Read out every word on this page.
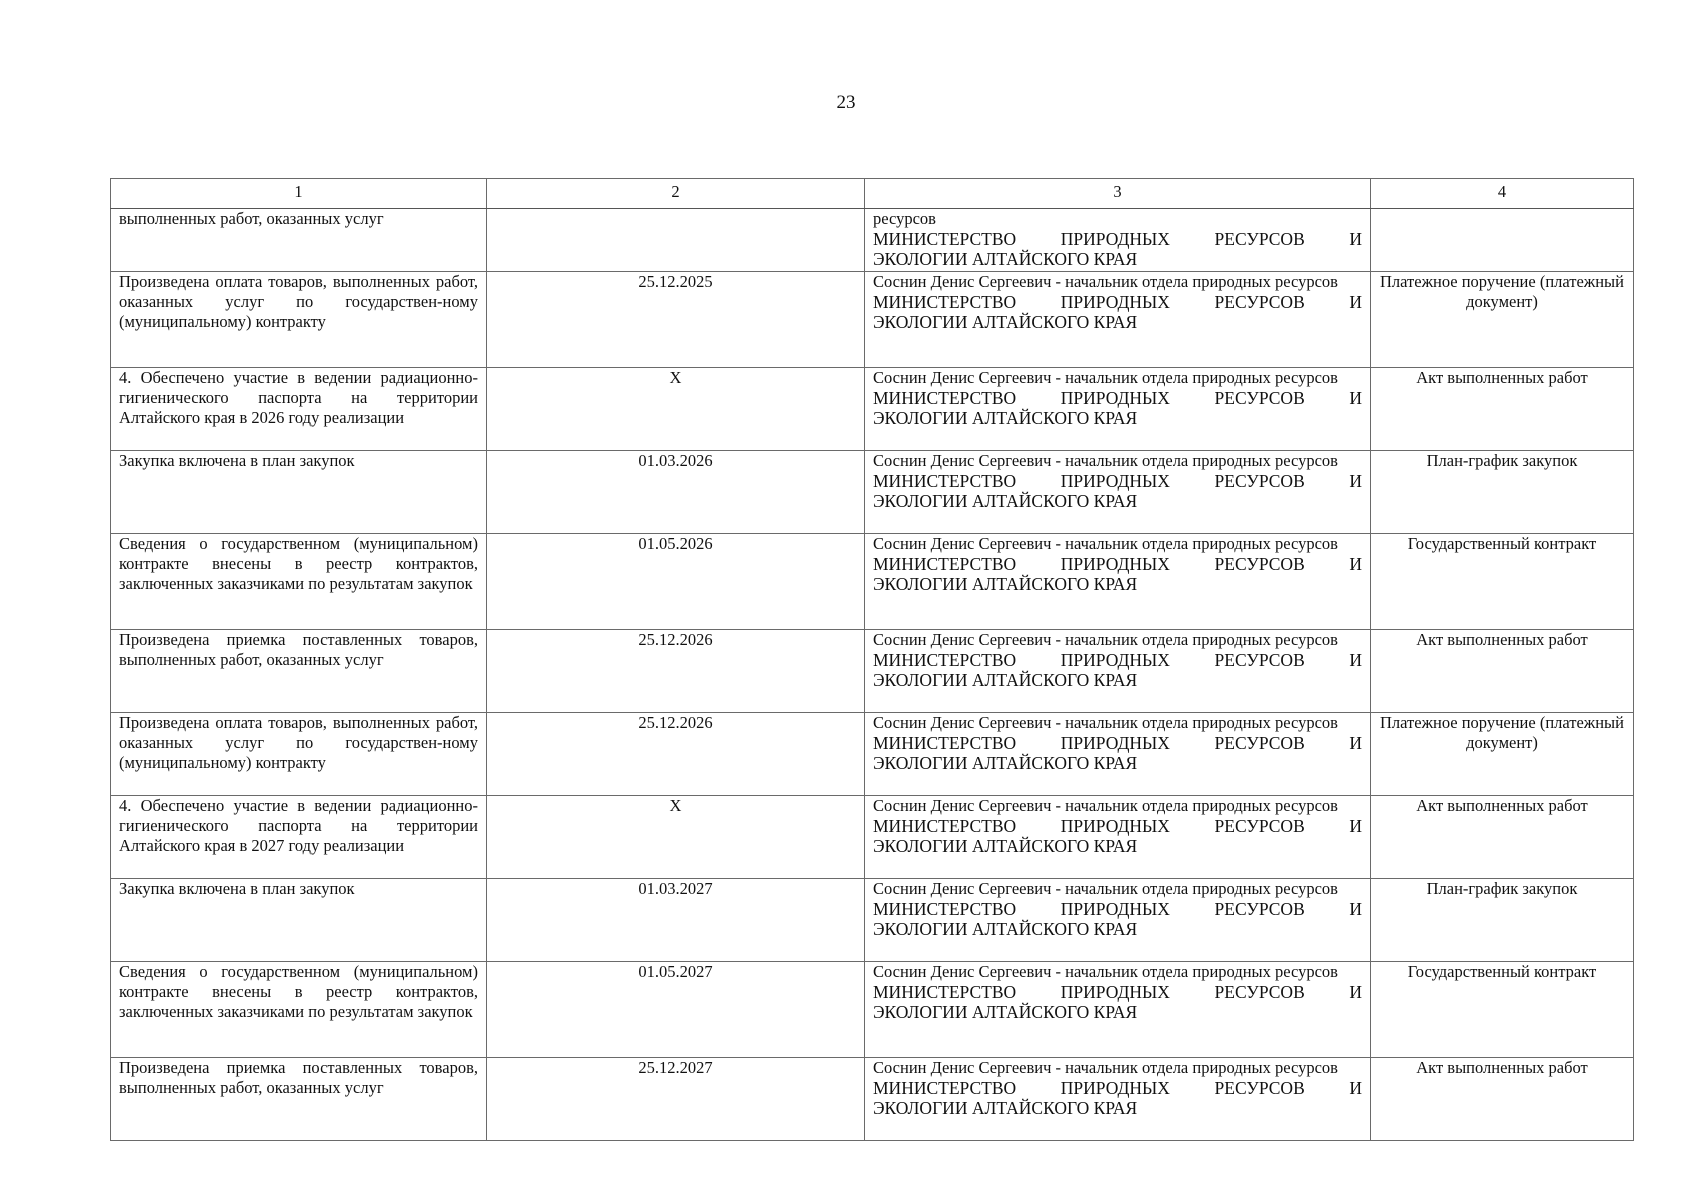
23
1	2	3	4
выполненных работ, оказанных услуг		ресурсов
МИНИСТЕРСТВО ПРИРОДНЫХ РЕСУРСОВ И
ЭКОЛОГИИ АЛТАЙСКОГО КРАЯ	

Произведена оплата товаров, выполненных работ, оказанных услуг по государствен-ному (муниципальному) контракту	25.12.2025	Соснин Денис Сергеевич - начальник отдела природных ресурсов
МИНИСТЕРСТВО ПРИРОДНЫХ РЕСУРСОВ И
ЭКОЛОГИИ АЛТАЙСКОГО КРАЯ	Платежное поручение (платежный документ)
4. Обеспечено участие в ведении радиационно-гигиенического паспорта на территории Алтайского края в 2026 году реализации	Х	Соснин Денис Сергеевич - начальник отдела природных ресурсов
МИНИСТЕРСТВО ПРИРОДНЫХ РЕСУРСОВ И
ЭКОЛОГИИ АЛТАЙСКОГО КРАЯ	Акт выполненных работ
Закупка включена в план закупок	01.03.2026	Соснин Денис Сергеевич - начальник отдела природных ресурсов
МИНИСТЕРСТВО ПРИРОДНЫХ РЕСУРСОВ И
ЭКОЛОГИИ АЛТАЙСКОГО КРАЯ	План-график закупок
Сведения о государственном (муниципальном) контракте внесены в реестр контрактов, заключенных заказчиками по результатам закупок	01.05.2026	Соснин Денис Сергеевич - начальник отдела природных ресурсов
МИНИСТЕРСТВО ПРИРОДНЫХ РЕСУРСОВ И
ЭКОЛОГИИ АЛТАЙСКОГО КРАЯ	Государственный контракт
Произведена приемка поставленных товаров, выполненных работ, оказанных услуг	25.12.2026	Соснин Денис Сергеевич - начальник отдела природных ресурсов
МИНИСТЕРСТВО ПРИРОДНЫХ РЕСУРСОВ И
ЭКОЛОГИИ АЛТАЙСКОГО КРАЯ	Акт выполненных работ
Произведена оплата товаров, выполненных работ, оказанных услуг по государствен-ному (муниципальному) контракту	25.12.2026	Соснин Денис Сергеевич - начальник отдела природных ресурсов
МИНИСТЕРСТВО ПРИРОДНЫХ РЕСУРСОВ И
ЭКОЛОГИИ АЛТАЙСКОГО КРАЯ	Платежное поручение (платежный документ)
4. Обеспечено участие в ведении радиационно-гигиенического паспорта на территории Алтайского края в 2027 году реализации	Х	Соснин Денис Сергеевич - начальник отдела природных ресурсов
МИНИСТЕРСТВО ПРИРОДНЫХ РЕСУРСОВ И
ЭКОЛОГИИ АЛТАЙСКОГО КРАЯ	Акт выполненных работ
Закупка включена в план закупок	01.03.2027	Соснин Денис Сергеевич - начальник отдела природных ресурсов
МИНИСТЕРСТВО ПРИРОДНЫХ РЕСУРСОВ И
ЭКОЛОГИИ АЛТАЙСКОГО КРАЯ	План-график закупок
Сведения о государственном (муниципальном) контракте внесены в реестр контрактов, заключенных заказчиками по результатам закупок	01.05.2027	Соснин Денис Сергеевич - начальник отдела природных ресурсов
МИНИСТЕРСТВО ПРИРОДНЫХ РЕСУРСОВ И
ЭКОЛОГИИ АЛТАЙСКОГО КРАЯ	Государственный контракт
Произведена приемка поставленных товаров, выполненных работ, оказанных услуг	25.12.2027	Соснин Денис Сергеевич - начальник отдела природных ресурсов
МИНИСТЕРСТВО ПРИРОДНЫХ РЕСУРСОВ И
ЭКОЛОГИИ АЛТАЙСКОГО КРАЯ	Акт выполненных работ
